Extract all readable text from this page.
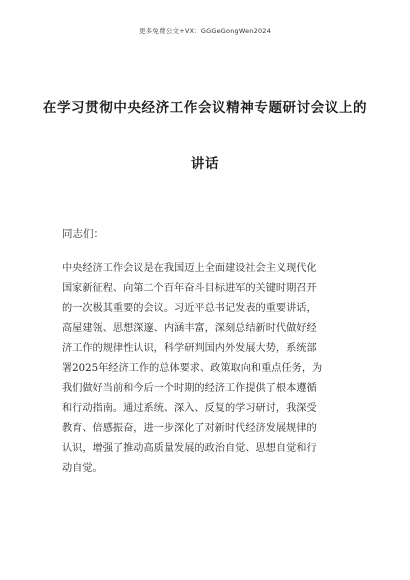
更多免费公文+VX：GGGeGongWen2024
在学习贯彻中央经济工作会议精神专题研讨会议上的
讲话
同志们：
中央经济工作会议是在我国迈上全面建设社会主义现代化
国家新征程、向第二个百年奋斗目标进军的关键时期召开
的一次极其重要的会议。习近平总书记发表的重要讲话，
高屋建瓴、思想深邃、内涵丰富，深刻总结新时代做好经
济工作的规律性认识，科学研判国内外发展大势，系统部
署2025年经济工作的总体要求、政策取向和重点任务，为
我们做好当前和今后一个时期的经济工作提供了根本遵循
和行动指南。通过系统、深入、反复的学习研讨，我深受
教育、倍感振奋，进一步深化了对新时代经济发展规律的
认识，增强了推动高质量发展的政治自觉、思想自觉和行
动自觉。
